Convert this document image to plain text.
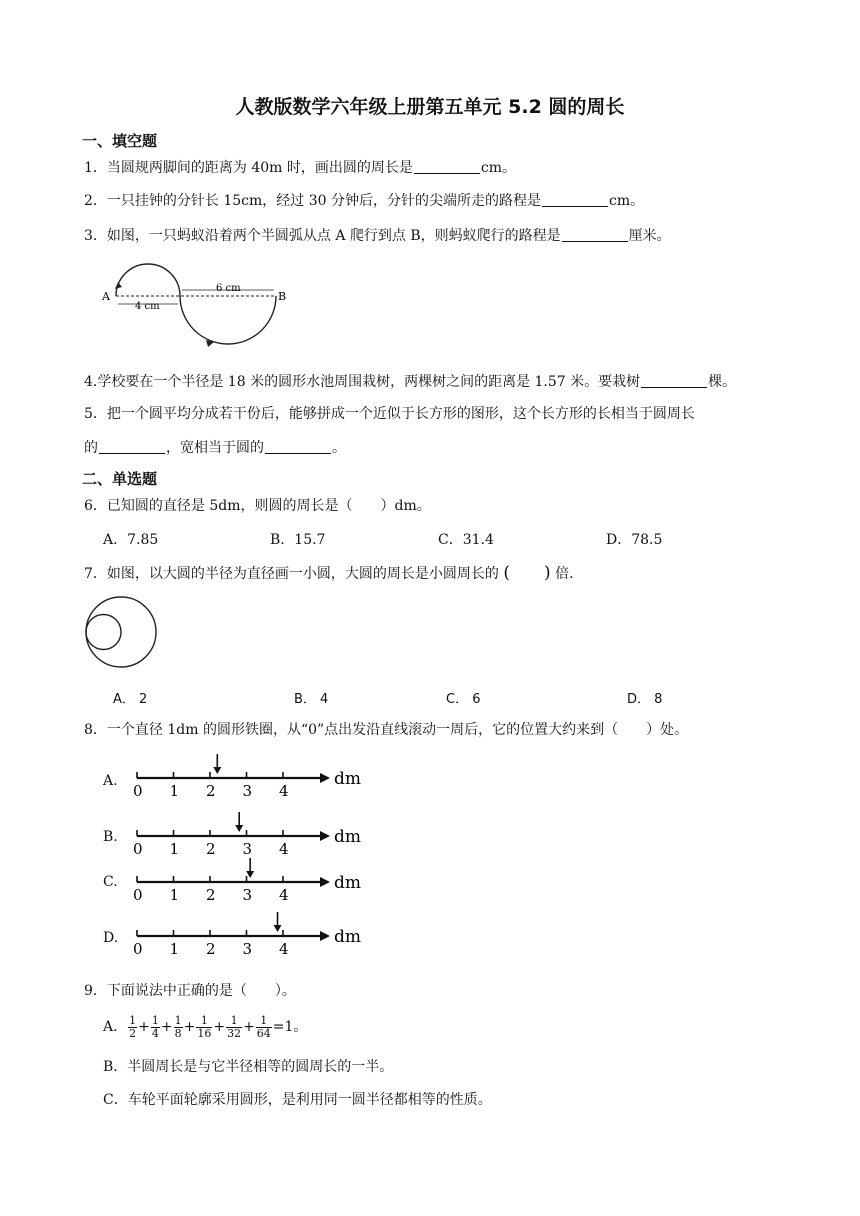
人教版数学六年级上册第五单元 5.2 圆的周长
一、填空题
1．当圆规两脚间的距离为 40m 时，画出圆的周长是	cm。
2．一只挂钟的分针长 15cm，经过 30 分钟后，分针的尖端所走的路程是	cm。
3．如图，一只蚂蚁沿着两个半圆弧从点 A 爬行到点 B，则蚂蚁爬行的路程是	厘米。
A	B
4 cm
6 cm
4.学校要在一个半径是 18 米的圆形水池周围栽树，两棵树之间的距离是 1.57 米。要栽树	棵。
5．把一个圆平均分成若干份后，能够拼成一个近似于长方形的图形，这个长方形的长相当于圆周长
的	，宽相当于圆的	。
二、单选题
6．已知圆的直径是 5dm，则圆的周长是（　　）dm。
A．7.85	B．15.7	C．31.4	D．78.5
7．如图，以大圆的半径为直径画一小圆，大圆的周长是小圆周长的 (　　) 倍.
A． 2	B． 4	C． 6	D． 8
8．一个直径 1dm 的圆形铁圈，从“0”点出发沿直线滚动一周后，它的位置大约来到（　　）处。
A.
B.
C.
D.
0 1 2 3 4
dm
0 1 2 3 4
dm
0 1 2 3 4
dm
0 1 2 3 4
dm
9．下面说法中正确的是（　　）。
A． $\frac{1}{2} + \frac{1}{4} + \frac{1}{8} + \frac{1}{16} + \frac{1}{32} + \frac{1}{64} =1$。
B．半圆周长是与它半径相等的圆周长的一半。
C．车轮平面轮廓采用圆形，是利用同一圆半径都相等的性质。
